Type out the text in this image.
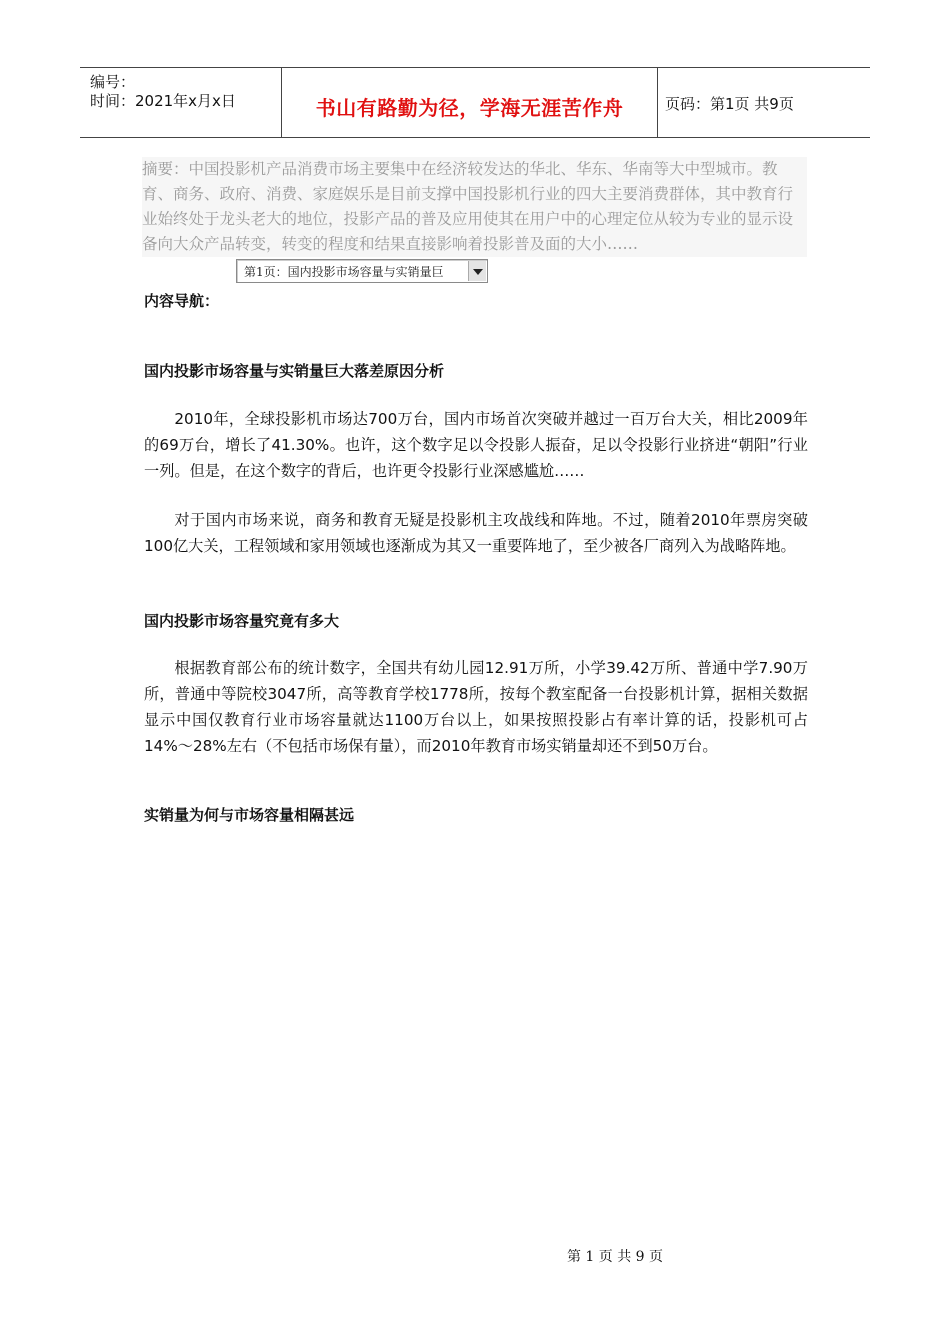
编号：
时间：2021年x月x日	书山有路勤为径，学海无涯苦作舟	页码：第1页 共9页
摘要：中国投影机产品消费市场主要集中在经济较发达的华北、华东、华南等大中型城市。教育、商务、政府、消费、家庭娱乐是目前支撑中国投影机行业的四大主要消费群体，其中教育行业始终处于龙头老大的地位，投影产品的普及应用使其在用户中的心理定位从较为专业的显示设备向大众产品转变，转变的程度和结果直接影响着投影普及面的大小……
第1页：国内投影市场容量与实销量巨
内容导航：
国内投影市场容量与实销量巨大落差原因分析

2010年，全球投影机市场达700万台，国内市场首次突破并越过一百万台大关，相比2009年的69万台，增长了41.30%。也许，这个数字足以令投影人振奋，足以令投影行业挤进“朝阳”行业一列。但是，在这个数字的背后，也许更令投影行业深感尴尬……

对于国内市场来说，商务和教育无疑是投影机主攻战线和阵地。不过，随着2010年票房突破100亿大关，工程领域和家用领域也逐渐成为其又一重要阵地了，至少被各厂商列入为战略阵地。

国内投影市场容量究竟有多大

根据教育部公布的统计数字，全国共有幼儿园12.91万所，小学39.42万所、普通中学7.90万所，普通中等院校3047所，高等教育学校1778所，按每个教室配备一台投影机计算，据相关数据显示中国仅教育行业市场容量就达1100万台以上，如果按照投影占有率计算的话，投影机可占14%～28%左右（不包括市场保有量），而2010年教育市场实销量却还不到50万台。

实销量为何与市场容量相隔甚远
第 1 页 共 9 页
